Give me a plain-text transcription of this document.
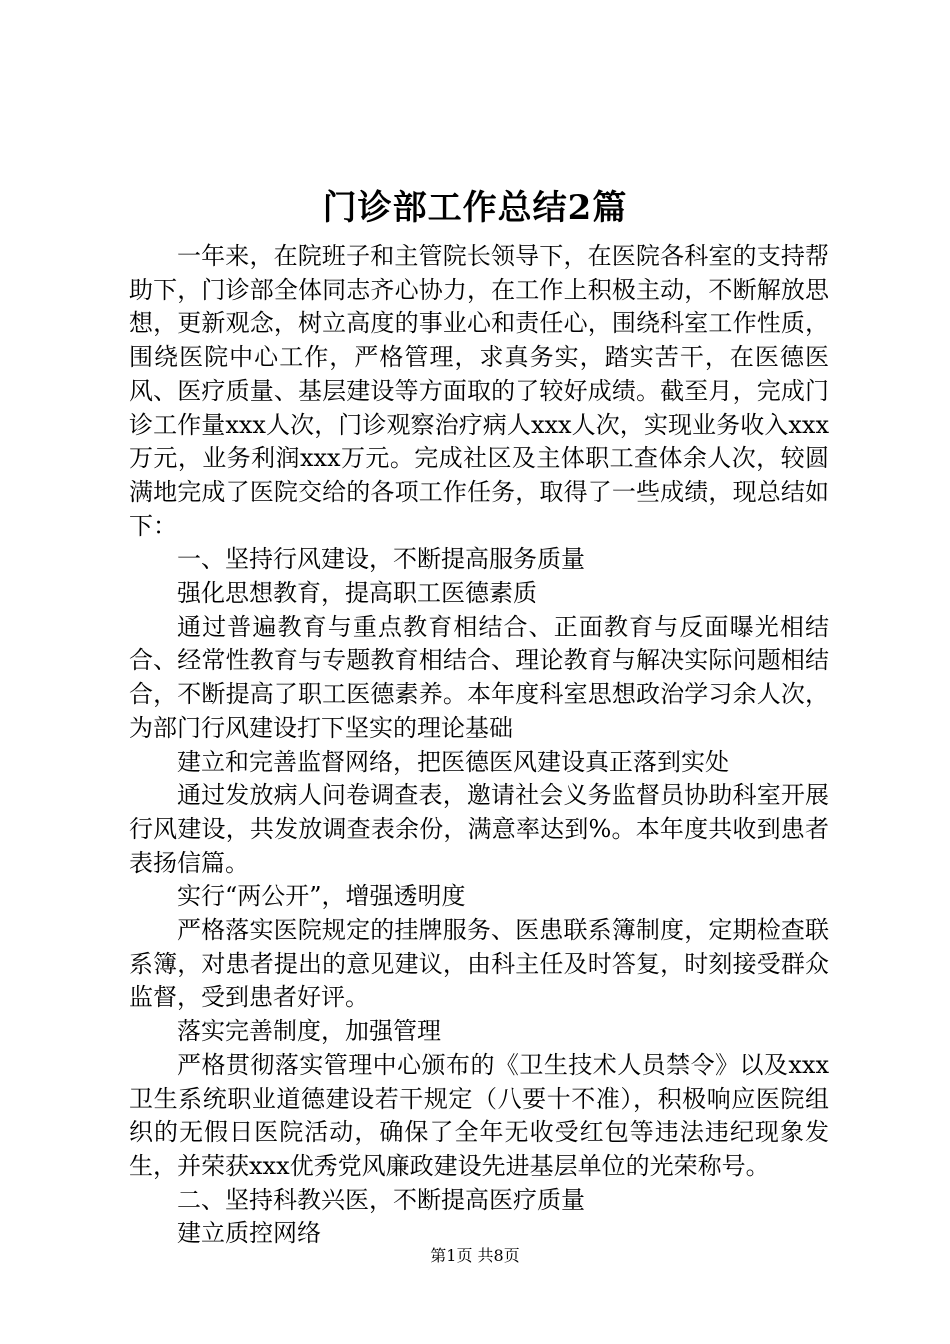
门诊部工作总结2篇

一年来，在院班子和主管院长领导下，在医院各科室的支持帮助下，门诊部全体同志齐心协力，在工作上积极主动，不断解放思想，更新观念，树立高度的事业心和责任心，围绕科室工作性质，围绕医院中心工作，严格管理，求真务实，踏实苦干，在医德医风、医疗质量、基层建设等方面取的了较好成绩。截至月，完成门诊工作量xxx人次，门诊观察治疗病人xxx人次，实现业务收入xxx万元，业务利润xxx万元。完成社区及主体职工查体余人次，较圆满地完成了医院交给的各项工作任务，取得了一些成绩，现总结如下：

一、坚持行风建设，不断提高服务质量

强化思想教育，提高职工医德素质

通过普遍教育与重点教育相结合、正面教育与反面曝光相结合、经常性教育与专题教育相结合、理论教育与解决实际问题相结合，不断提高了职工医德素养。本年度科室思想政治学习余人次，为部门行风建设打下坚实的理论基础

建立和完善监督网络，把医德医风建设真正落到实处

通过发放病人问卷调查表，邀请社会义务监督员协助科室开展行风建设，共发放调查表余份，满意率达到%。本年度共收到患者表扬信篇。

实行“两公开”，增强透明度

严格落实医院规定的挂牌服务、医患联系簿制度，定期检查联系簿，对患者提出的意见建议，由科主任及时答复，时刻接受群众监督，受到患者好评。

落实完善制度，加强管理

严格贯彻落实管理中心颁布的《卫生技术人员禁令》以及xxx卫生系统职业道德建设若干规定（八要十不准），积极响应医院组织的无假日医院活动，确保了全年无收受红包等违法违纪现象发生，并荣获xxx优秀党风廉政建设先进基层单位的光荣称号。

二、坚持科教兴医，不断提高医疗质量

建立质控网络

第1页 共8页
